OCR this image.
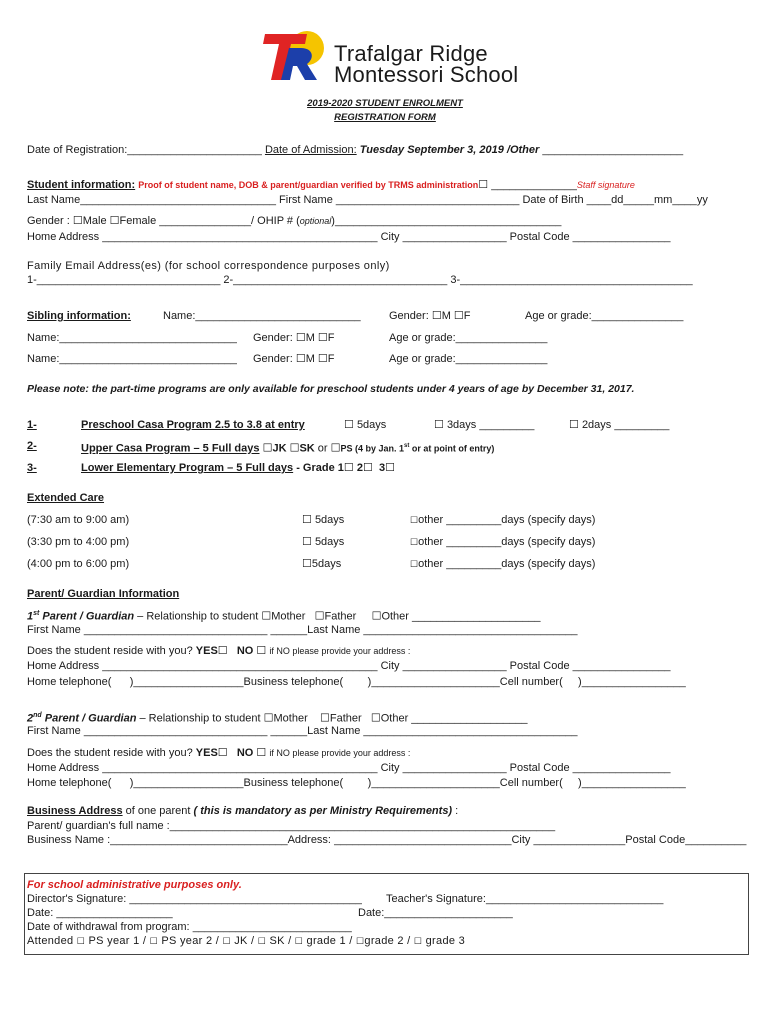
Trafalgar Ridge
Montessori School
2019-2020 STUDENT ENROLMENT
REGISTRATION FORM
Date of Registration:______________________ Date of Admission: Tuesday September 3, 2019 /Other _______________________
Student information: Proof of student name, DOB & parent/guardian verified by TRMS administration☐ ______________Staff signature
Last Name________________________________ First Name ______________________________ Date of Birth ____dd_____mm____yy
Gender : ☐Male ☐Female _______________/ OHIP # (optional)_____________________________________
Home Address _____________________________________________ City _________________ Postal Code ________________
Family Email Address(es) (for school correspondence purposes only)
1-______________________________ 2-___________________________________ 3-______________________________________
Sibling information:	Name:___________________________	Gender: ☐M ☐F	Age or grade:_______________
Name:_____________________________ Gender: ☐M ☐F	Age or grade:_______________
Name:_____________________________ Gender: ☐M ☐F	Age or grade:_______________
Please note: the part-time programs are only available for preschool students under 4 years of age by December 31, 2017.
1-	Preschool Casa Program 2.5 to 3.8 at entry	☐ 5days	☐ 3days _________	☐ 2days _________
2-	Upper Casa Program – 5 Full days ☐JK ☐SK or ☐PS (4 by Jan. 1st or at point of entry)
3-	Lower Elementary Program – 5 Full days - Grade 1☐ 2☐ 3☐
Extended Care
(7:30 am to 9:00 am)	☐ 5days	☐other _________days (specify days)
(3:30 pm to 4:00 pm)	☐ 5days	☐other _________days (specify days)
(4:00 pm to 6:00 pm)	☐5days	☐other _________days (specify days)
Parent/ Guardian Information
1st Parent / Guardian – Relationship to student ☐Mother ☐Father ☐Other _____________________
First Name ______________________________ ______Last Name ___________________________________
Does the student reside with you? YES☐ NO ☐ if NO please provide your address :
Home Address _____________________________________________ City _________________ Postal Code ________________
Home telephone(      )__________________Business telephone(        )_____________________Cell number(     )_________________
2nd Parent / Guardian – Relationship to student ☐Mother ☐Father ☐Other ___________________
First Name ______________________________ ______Last Name ___________________________________
Does the student reside with you? YES☐ NO ☐ if NO please provide your address :
Home Address _____________________________________________ City _________________ Postal Code ________________
Home telephone(      )__________________Business telephone(        )_____________________Cell number(     )_________________
Business Address of one parent ( this is mandatory as per Ministry Requirements) :
Parent/ guardian's full name :_______________________________________________________________
Business Name :_____________________________Address: _____________________________City _______________Postal Code__________
For school administrative purposes only.
Director's Signature: ______________________________________ Teacher's Signature:_____________________________
Date: ___________________	Date:_____________________
Date of withdrawal from program: __________________________
Attended ☐ PS year 1 / ☐ PS year 2 / ☐ JK / ☐ SK / ☐ grade 1 / ☐grade 2 / ☐ grade 3
